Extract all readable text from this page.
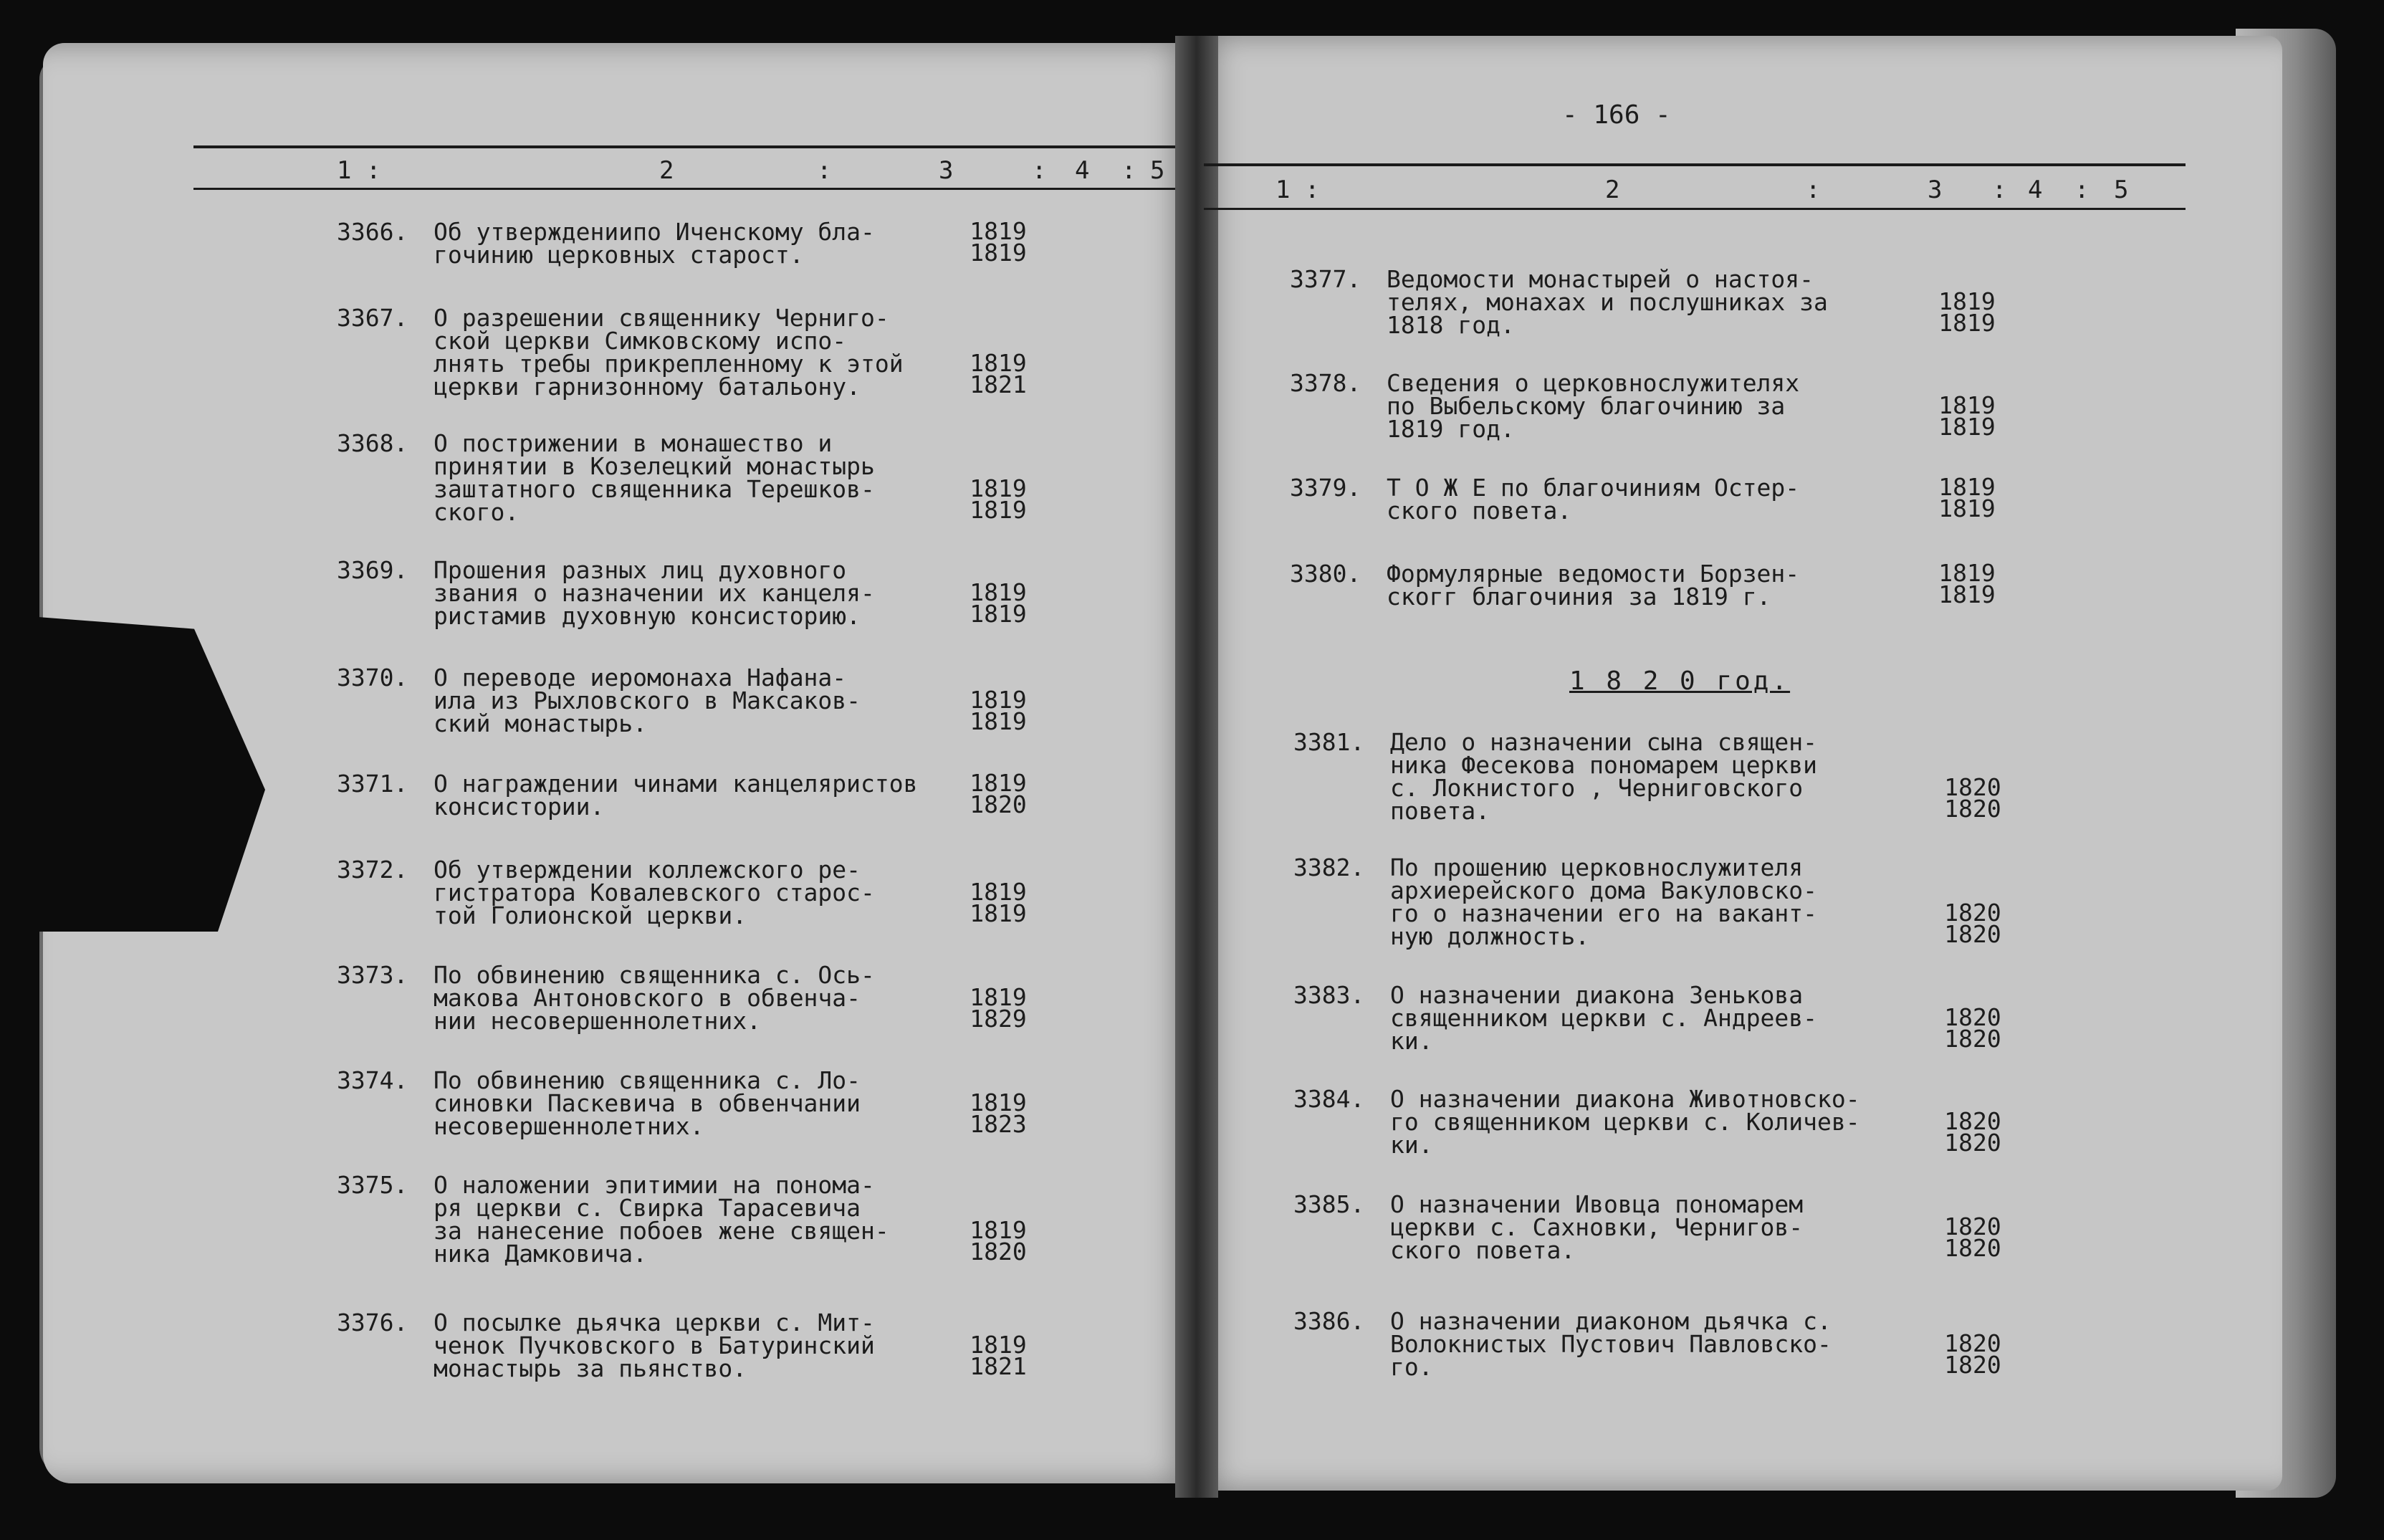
1 :	2	:	3	: 4 : 5
3366. Об утверждениипо Иченскому бла-
гочинию церковных старост.
1819
1819
3367. О разрешении священнику Черниго-
ской церкви Симковскому испо-
лнять требы прикрепленному к этой
церкви гарнизонному батальону.
1819
1821
3368. О пострижении в монашество и
принятии в Козелецкий монастырь
заштатного священника Терешков-
ского.
1819
1819
3369. Прошения разных лиц духовного
звания о назначении их канцеля-
ристамив духовную консисторию.
1819
1819
3370. О переводе иеромонаха Нафана-
ила из Рыхловского в Максаков-
ский монастырь.
1819
1819
3371. О награждении чинами канцеляристов
консистории.
1819
1820
3372. Об утверждении коллежского ре-
гистратора Ковалевского старос-
той Голионской церкви.
1819
1819
3373. По обвинению священника с. Ось-
макова Антоновского в обвенча-
нии несовершеннолетних.
1819
1829
3374. По обвинению священника с. Ло-
синовки Паскевича в обвенчании
несовершеннолетних.
1819
1823
3375. О наложении эпитимии на понома-
ря церкви с. Свирка Тарасевича
за нанесение побоев жене священ-
ника Дамковича.
1819
1820
3376. О посылке дьячка церкви с. Мит-
ченок Пучковского в Батуринский
монастырь за пьянство.
1819
1821
- 166 -
1 :	2	:	3 : 4 : 5
3377. Ведомости монастырей о настоя-
телях, монахах и послушниках за
1818 год.
1819
1819
3378. Сведения о церковнослужителях
по Выбельскому благочинию за
1819 год.
1819
1819
3379. Т О Ж Е по благочиниям Остер-
ского повета.
1819
1819
3380. Формулярные ведомости Борзен-
скогг благочиния за 1819 г.
1819
1819
1 8 2 0 год.
3381. Дело о назначении сына священ-
ника Фесекова пономарем церкви
с. Локнистого , Черниговского
повета.
1820
1820
3382. По прошению церковнослужителя
архиерейского дома Вакуловско-
го о назначении его на вакант-
ную должность.
1820
1820
3383. О назначении диакона Зенькова
священником церкви с. Андреев-
ки.
1820
1820
3384. О назначении диакона Животновско-
го священником церкви с. Количев-
ки.
1820
1820
3385. О назначении Ивовца пономарем
церкви с. Сахновки, Чернигов-
ского повета.
1820
1820
3386. О назначении диаконом дьячка с.
Волокнистых Пустович Павловско-
го.
1820
1820
